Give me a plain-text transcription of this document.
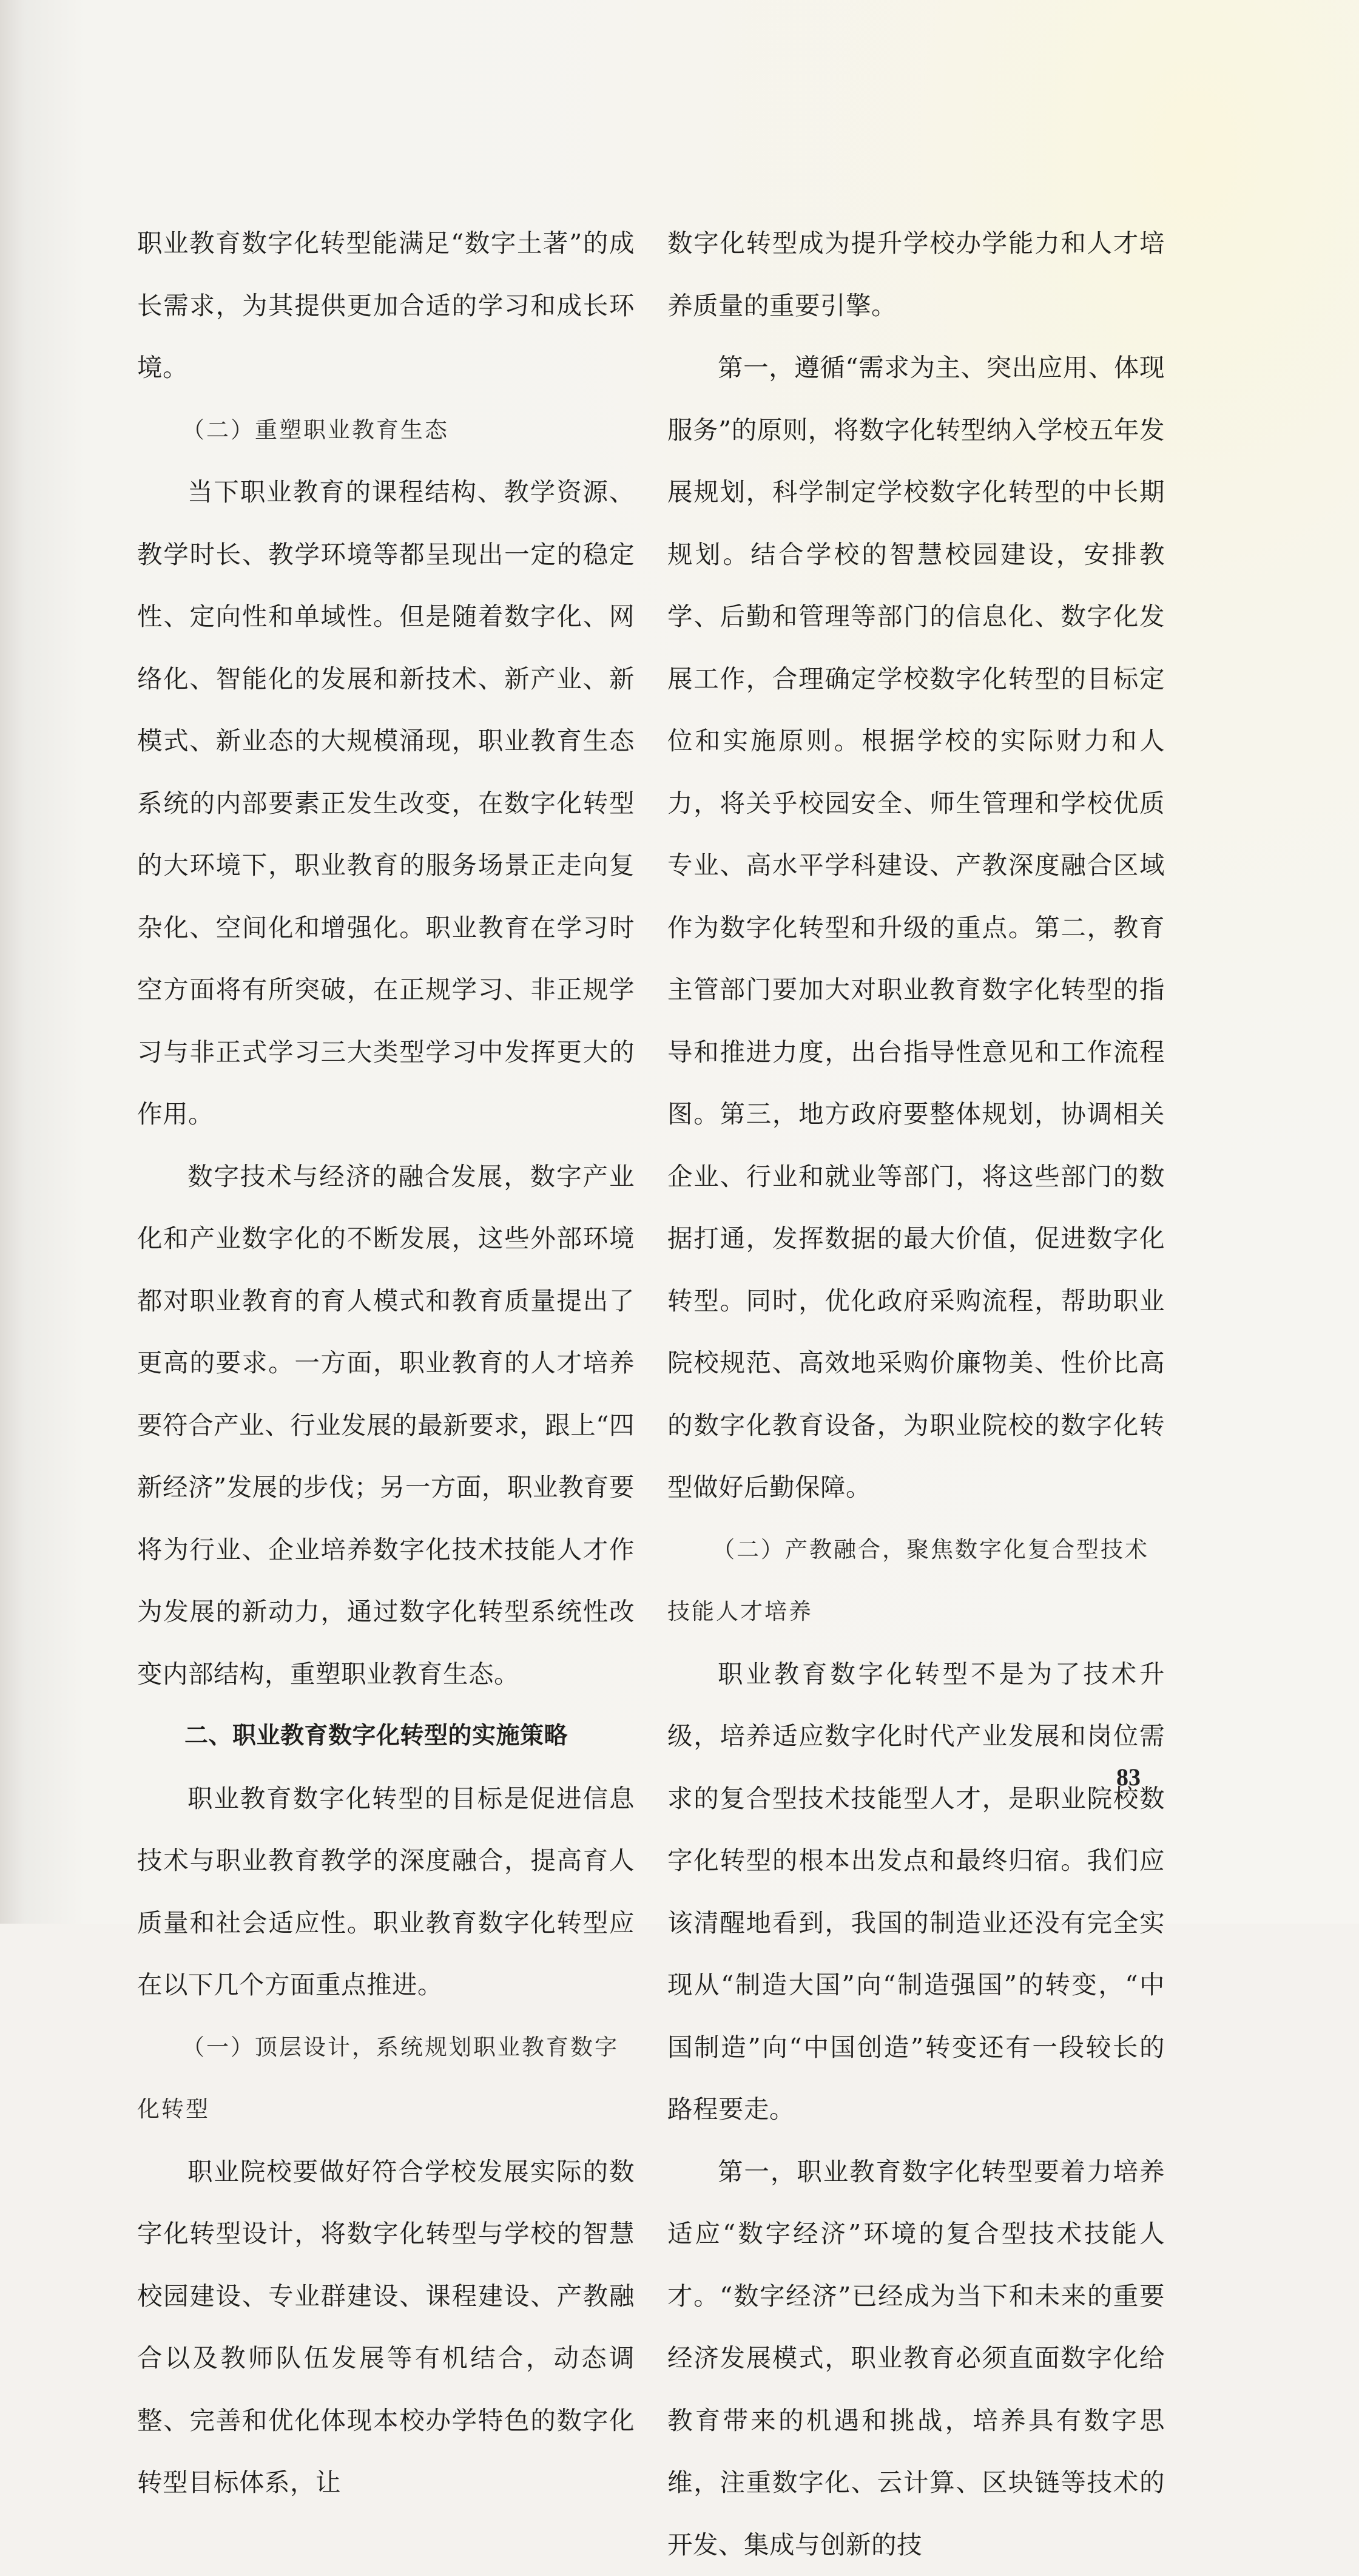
职业教育数字化转型能满足“数字土著”的成长需求，为其提供更加合适的学习和成长环境。

（二）重塑职业教育生态

当下职业教育的课程结构、教学资源、教学时长、教学环境等都呈现出一定的稳定性、定向性和单域性。但是随着数字化、网络化、智能化的发展和新技术、新产业、新模式、新业态的大规模涌现，职业教育生态系统的内部要素正发生改变，在数字化转型的大环境下，职业教育的服务场景正走向复杂化、空间化和增强化。职业教育在学习时空方面将有所突破，在正规学习、非正规学习与非正式学习三大类型学习中发挥更大的作用。

数字技术与经济的融合发展，数字产业化和产业数字化的不断发展，这些外部环境都对职业教育的育人模式和教育质量提出了更高的要求。一方面，职业教育的人才培养要符合产业、行业发展的最新要求，跟上“四新经济”发展的步伐；另一方面，职业教育要将为行业、企业培养数字化技术技能人才作为发展的新动力，通过数字化转型系统性改变内部结构，重塑职业教育生态。

二、职业教育数字化转型的实施策略

职业教育数字化转型的目标是促进信息技术与职业教育教学的深度融合，提高育人质量和社会适应性。职业教育数字化转型应在以下几个方面重点推进。

（一）顶层设计，系统规划职业教育数字化转型

职业院校要做好符合学校发展实际的数字化转型设计，将数字化转型与学校的智慧校园建设、专业群建设、课程建设、产教融合以及教师队伍发展等有机结合，动态调整、完善和优化体现本校办学特色的数字化转型目标体系，让

数字化转型成为提升学校办学能力和人才培养质量的重要引擎。

第一，遵循“需求为主、突出应用、体现服务”的原则，将数字化转型纳入学校五年发展规划，科学制定学校数字化转型的中长期规划。结合学校的智慧校园建设，安排教学、后勤和管理等部门的信息化、数字化发展工作，合理确定学校数字化转型的目标定位和实施原则。根据学校的实际财力和人力，将关乎校园安全、师生管理和学校优质专业、高水平学科建设、产教深度融合区域作为数字化转型和升级的重点。第二，教育主管部门要加大对职业教育数字化转型的指导和推进力度，出台指导性意见和工作流程图。第三，地方政府要整体规划，协调相关企业、行业和就业等部门，将这些部门的数据打通，发挥数据的最大价值，促进数字化转型。同时，优化政府采购流程，帮助职业院校规范、高效地采购价廉物美、性价比高的数字化教育设备，为职业院校的数字化转型做好后勤保障。

（二）产教融合，聚焦数字化复合型技术技能人才培养

职业教育数字化转型不是为了技术升级，培养适应数字化时代产业发展和岗位需求的复合型技术技能型人才，是职业院校数字化转型的根本出发点和最终归宿。我们应该清醒地看到，我国的制造业还没有完全实现从“制造大国”向“制造强国”的转变，“中国制造”向“中国创造”转变还有一段较长的路程要走。

第一，职业教育数字化转型要着力培养适应“数字经济”环境的复合型技术技能人才。“数字经济”已经成为当下和未来的重要经济发展模式，职业教育必须直面数字化给教育带来的机遇和挑战，培养具有数字思维，注重数字化、云计算、区块链等技术的开发、集成与创新的技

83
